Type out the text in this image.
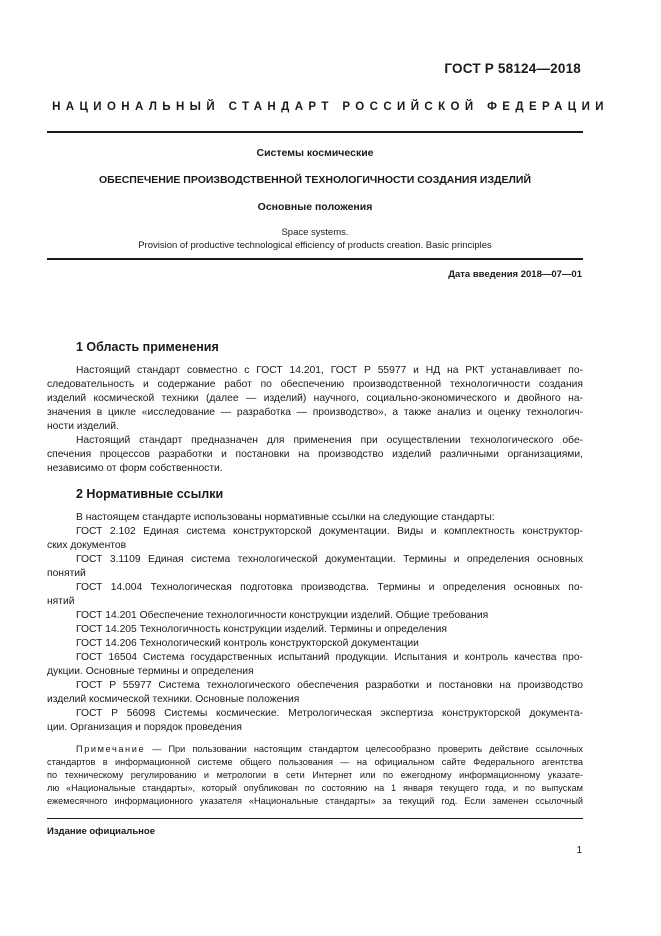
ГОСТ Р 58124—2018
НАЦИОНАЛЬНЫЙ СТАНДАРТ РОССИЙСКОЙ ФЕДЕРАЦИИ
Системы космические
ОБЕСПЕЧЕНИЕ ПРОИЗВОДСТВЕННОЙ ТЕХНОЛОГИЧНОСТИ СОЗДАНИЯ ИЗДЕЛИЙ
Основные положения
Space systems.
Provision of productive technological efficiency of products creation. Basic principles
Дата введения 2018—07—01
1 Область применения
Настоящий стандарт совместно с ГОСТ 14.201, ГОСТ Р 55977 и НД на РКТ устанавливает по-
следовательность и содержание работ по обеспечению производственной технологичности создания
изделий космической техники (далее — изделий) научного, социально-экономического и двойного на-
значения в цикле «исследование — разработка — производство», а также анализ и оценку технологич-
ности изделий.
Настоящий стандарт предназначен для применения при осуществлении технологического обе-
спечения процессов разработки и постановки на производство изделий различными организациями,
независимо от форм собственности.
2 Нормативные ссылки
В настоящем стандарте использованы нормативные ссылки на следующие стандарты:
ГОСТ 2.102 Единая система конструкторской документации. Виды и комплектность конструктор-
ских документов
ГОСТ 3.1109 Единая система технологической документации. Термины и определения основных
понятий
ГОСТ 14.004 Технологическая подготовка производства. Термины и определения основных по-
нятий
ГОСТ 14.201 Обеспечение технологичности конструкции изделий. Общие требования
ГОСТ 14.205 Технологичность конструкции изделий. Термины и определения
ГОСТ 14.206 Технологический контроль конструкторской документации
ГОСТ 16504 Система государственных испытаний продукции. Испытания и контроль качества про-
дукции. Основные термины и определения
ГОСТ Р 55977 Система технологического обеспечения разработки и постановки на производство
изделий космической техники. Основные положения
ГОСТ Р 56098 Системы космические. Метрологическая экспертиза конструкторской документа-
ции. Организация и порядок проведения
Примечание — При пользовании настоящим стандартом целесообразно проверить действие ссылочных
стандартов в информационной системе общего пользования — на официальном сайте Федерального агентства
по техническому регулированию и метрологии в сети Интернет или по ежегодному информационному указате-
лю «Национальные стандарты», который опубликован по состоянию на 1 января текущего года, и по выпускам
ежемесячного информационного указателя «Национальные стандарты» за текущий год. Если заменен ссылочный
Издание официальное
1
